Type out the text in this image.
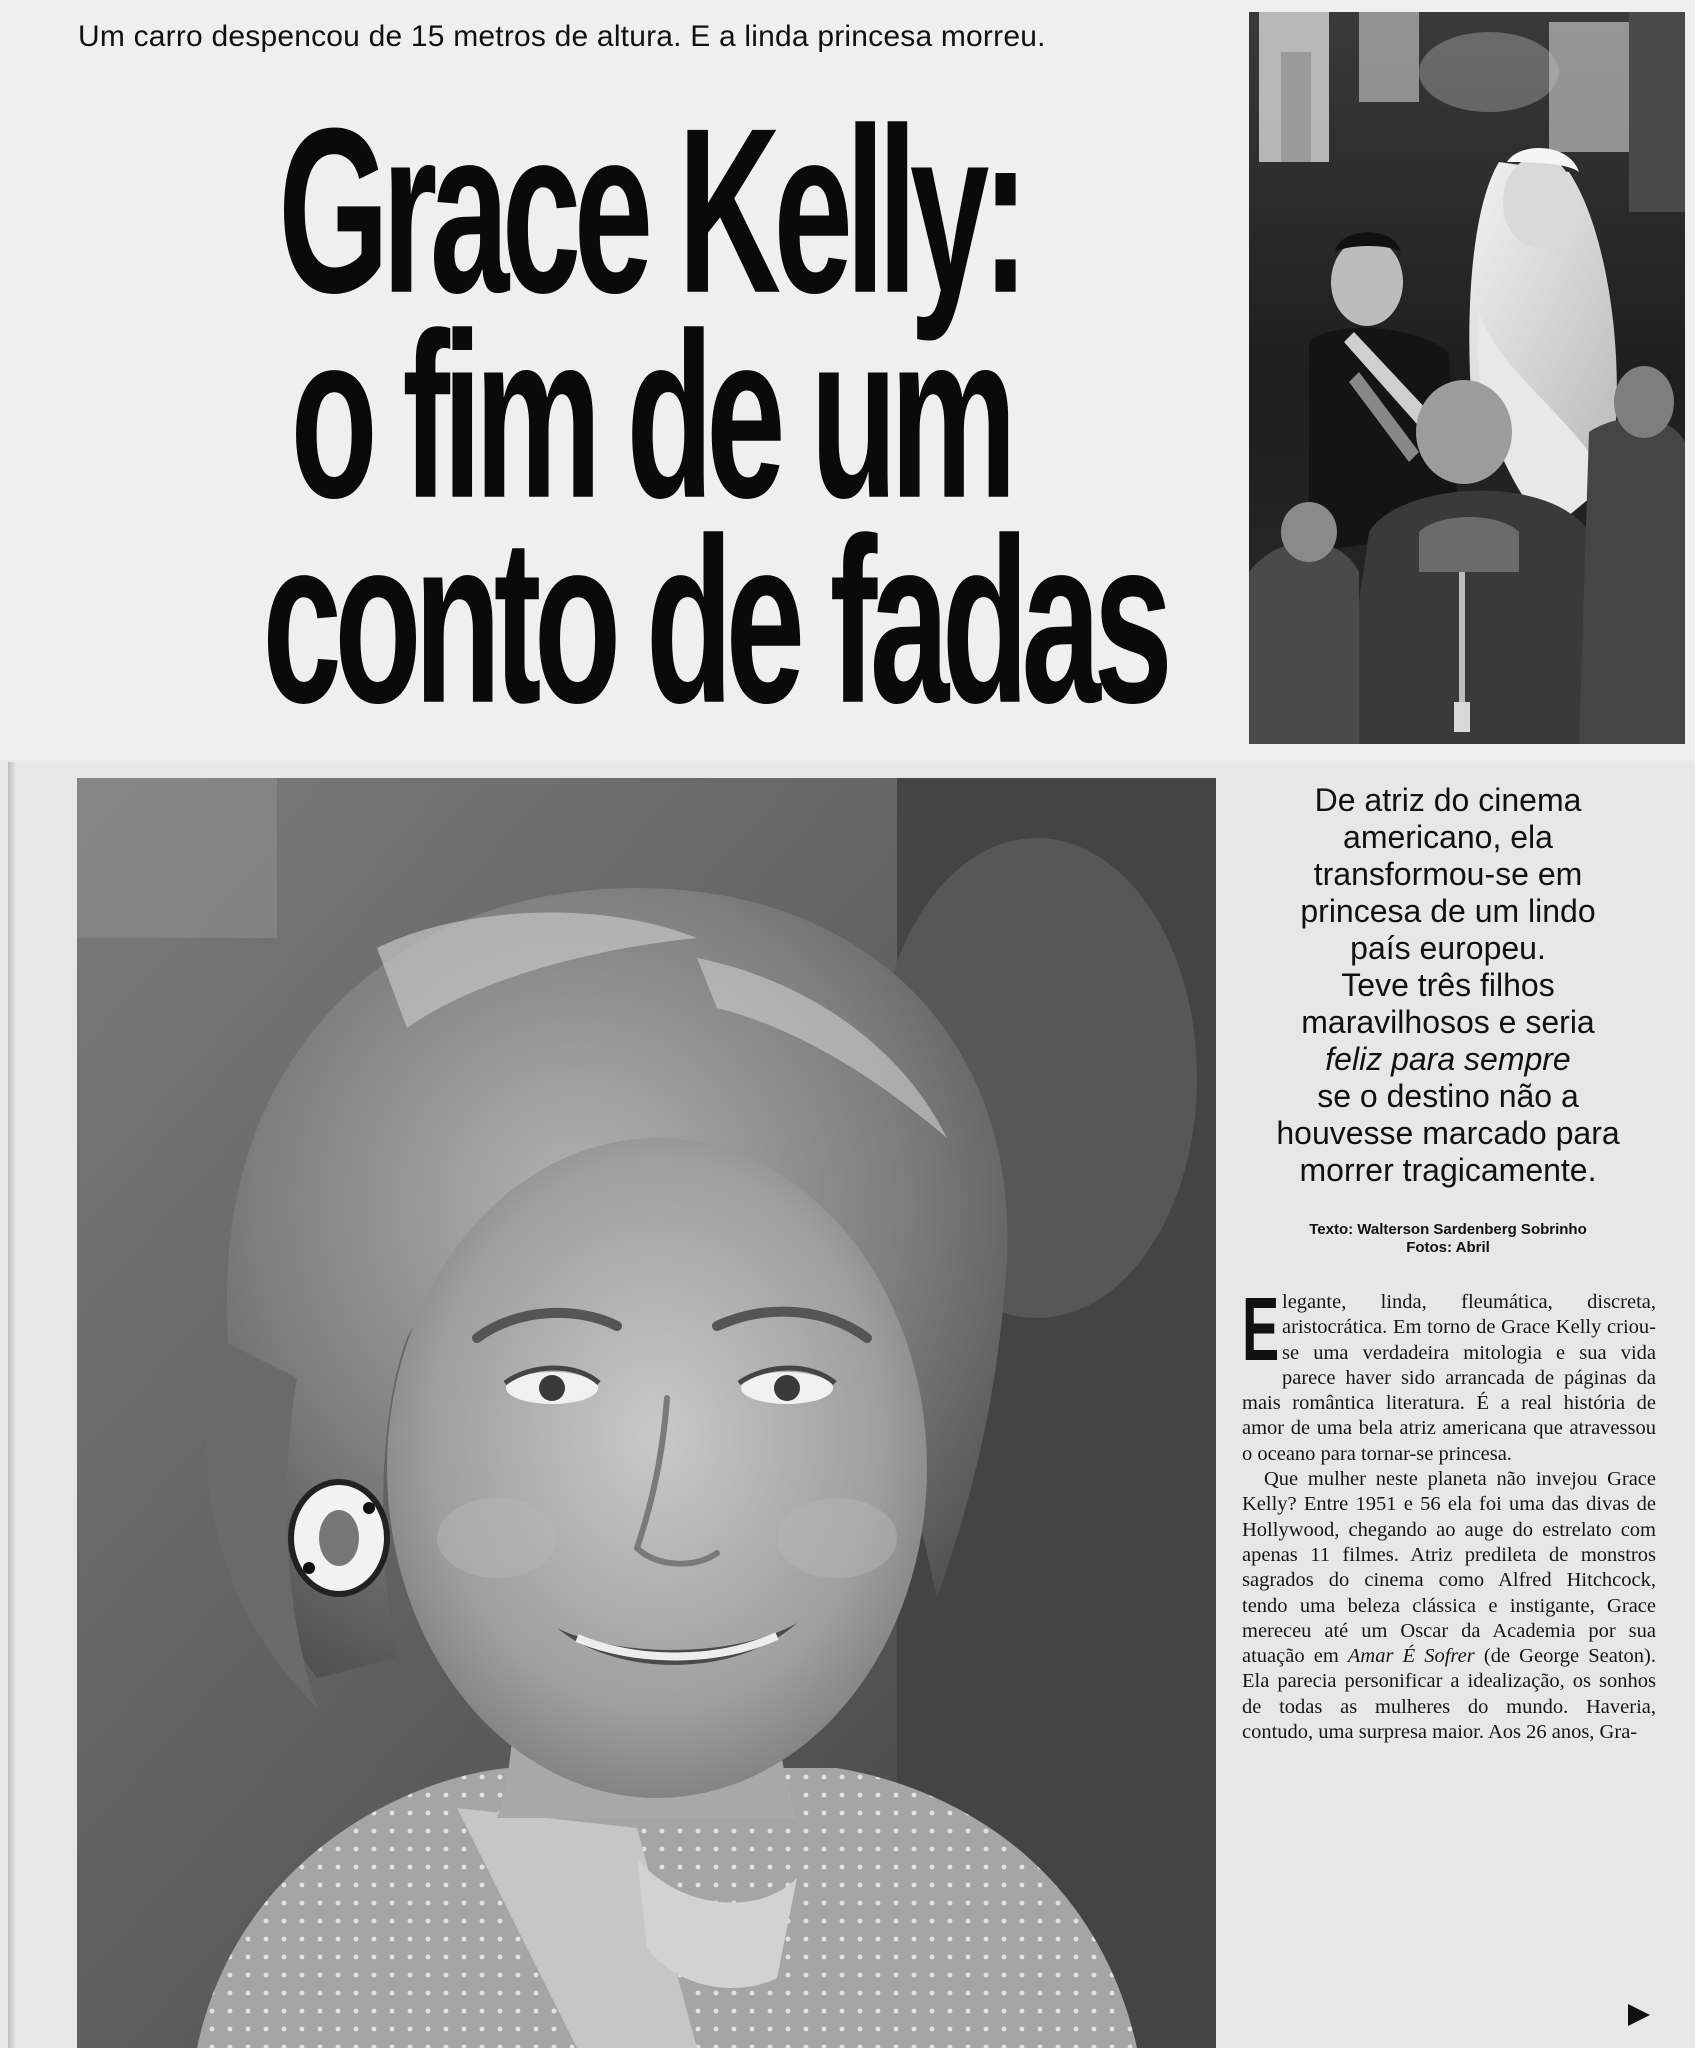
Um carro despencou de 15 metros de altura. E a linda princesa morreu.
Grace Kelly:
o fim de um
conto de fadas
De atriz do cinema
americano, ela
transformou-se em
princesa de um lindo
país europeu.
Teve três filhos
maravilhosos e seria
feliz para sempre
se o destino não a
houvesse marcado para
morrer tragicamente.
Texto: Walterson Sardenberg Sobrinho
Fotos: Abril

Elegante, linda, fleumática, discreta, aristocrática. Em torno de Grace Kelly criou-se uma verdadeira mitologia e sua vida parece haver sido arrancada de páginas da mais romântica literatura. É a real história de amor de uma bela atriz americana que atravessou o oceano para tornar-se princesa.

Que mulher neste planeta não invejou Grace Kelly? Entre 1951 e 56 ela foi uma das divas de Hollywood, chegando ao auge do estrelato com apenas 11 filmes. Atriz predileta de monstros sagrados do cinema como Alfred Hitchcock, tendo uma beleza clássica e instigante, Grace mereceu até um Oscar da Academia por sua atuação em Amar É Sofrer (de George Seaton). Ela parecia personificar a idealização, os sonhos de todas as mulheres do mundo. Haveria, contudo, uma surpresa maior. Aos 26 anos, Gra-
